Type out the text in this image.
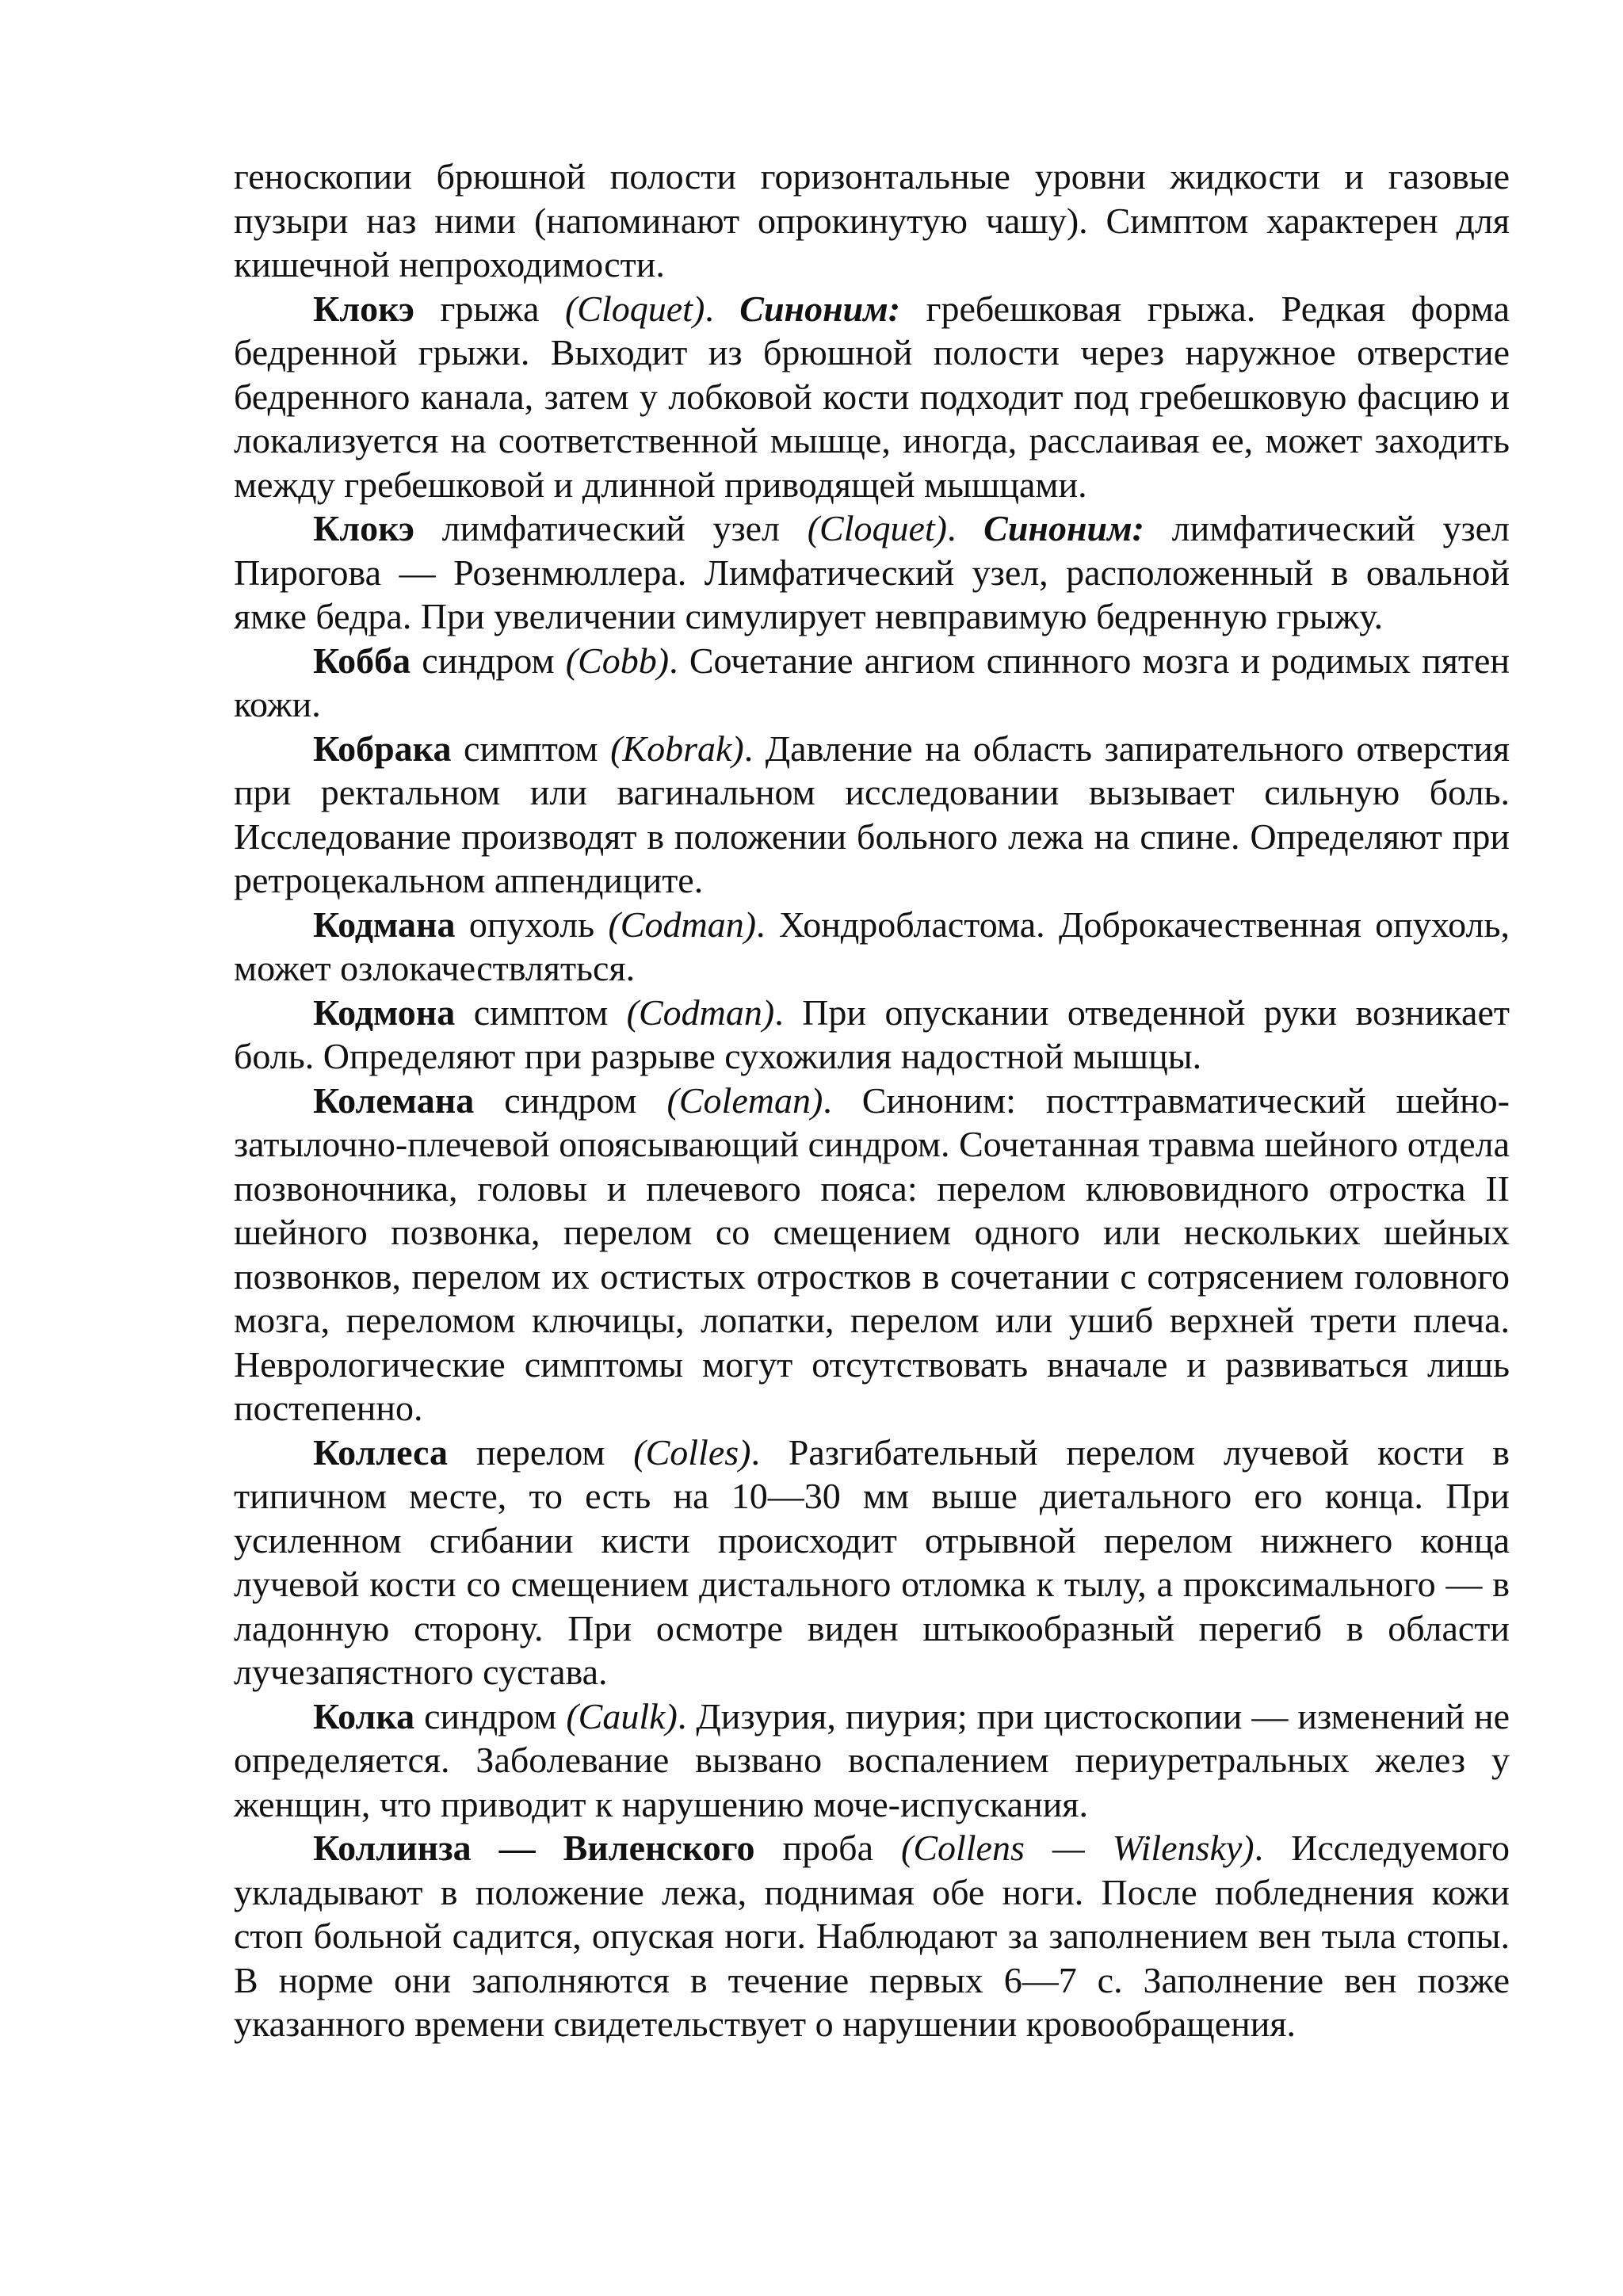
геноскопии брюшной полости горизонтальные уровни жидкости и газовые пузыри наз ними (напоминают опрокинутую чашу). Симптом характерен для кишечной непроходимости.

Клокэ грыжа (Cloquet). Синоним: гребешковая грыжа. Редкая форма бедренной грыжи. Выходит из брюшной полости через наружное отверстие бедренного канала, затем у лобковой кости подходит под гребешковую фасцию и локализуется на соответственной мышце, иногда, расслаивая ее, может заходить между гребешковой и длинной приводящей мышцами.

Клокэ лимфатический узел (Cloquet). Синоним: лимфатический узел Пирогова — Розенмюллера. Лимфатический узел, расположенный в овальной ямке бедра. При увеличении симулирует невправимую бедренную грыжу.

Кобба синдром (Cobb). Сочетание ангиом спинного мозга и родимых пятен кожи.

Кобрака симптом (Kobrak). Давление на область запирательного отверстия при ректальном или вагинальном исследовании вызывает сильную боль. Исследование производят в положении больного лежа на спине. Определяют при ретроцекальном аппендиците.

Кодмана опухоль (Codman). Хондробластома. Доброкачественная опухоль, может озлокачествляться.

Кодмона симптом (Codman). При опускании отведенной руки возникает боль. Определяют при разрыве сухожилия надостной мышцы.

Колемана синдром (Coleman). Синоним: посттравматический шейно-затылочно-плечевой опоясывающий синдром. Сочетанная травма шейного отдела позвоночника, головы и плечевого пояса: перелом клювовидного отростка II шейного позвонка, перелом со смещением одного или нескольких шейных позвонков, перелом их остистых отростков в сочетании с сотрясением головного мозга, переломом ключицы, лопатки, перелом или ушиб верхней трети плеча. Неврологические симптомы могут отсутствовать вначале и развиваться лишь постепенно.

Коллеса перелом (Colles). Разгибательный перелом лучевой кости в типичном месте, то есть на 10—30 мм выше диетального его конца. При усиленном сгибании кисти происходит отрывной перелом нижнего конца лучевой кости со смещением дистального отломка к тылу, а проксимального — в ладонную сторону. При осмотре виден штыкообразный перегиб в области лучезапястного сустава.

Колка синдром (Caulk). Дизурия, пиурия; при цистоскопии — изменений не определяется. Заболевание вызвано воспалением периуретральных желез у женщин, что приводит к нарушению моче-испускания.

Коллинза — Виленского проба (Collens — Wilensky). Исследуемого укладывают в положение лежа, поднимая обе ноги. После побледнения кожи стоп больной садится, опуская ноги. Наблюдают за заполнением вен тыла стопы. В норме они заполняются в течение первых 6—7 с. Заполнение вен позже указанного времени свидетельствует о нарушении кровообращения.
